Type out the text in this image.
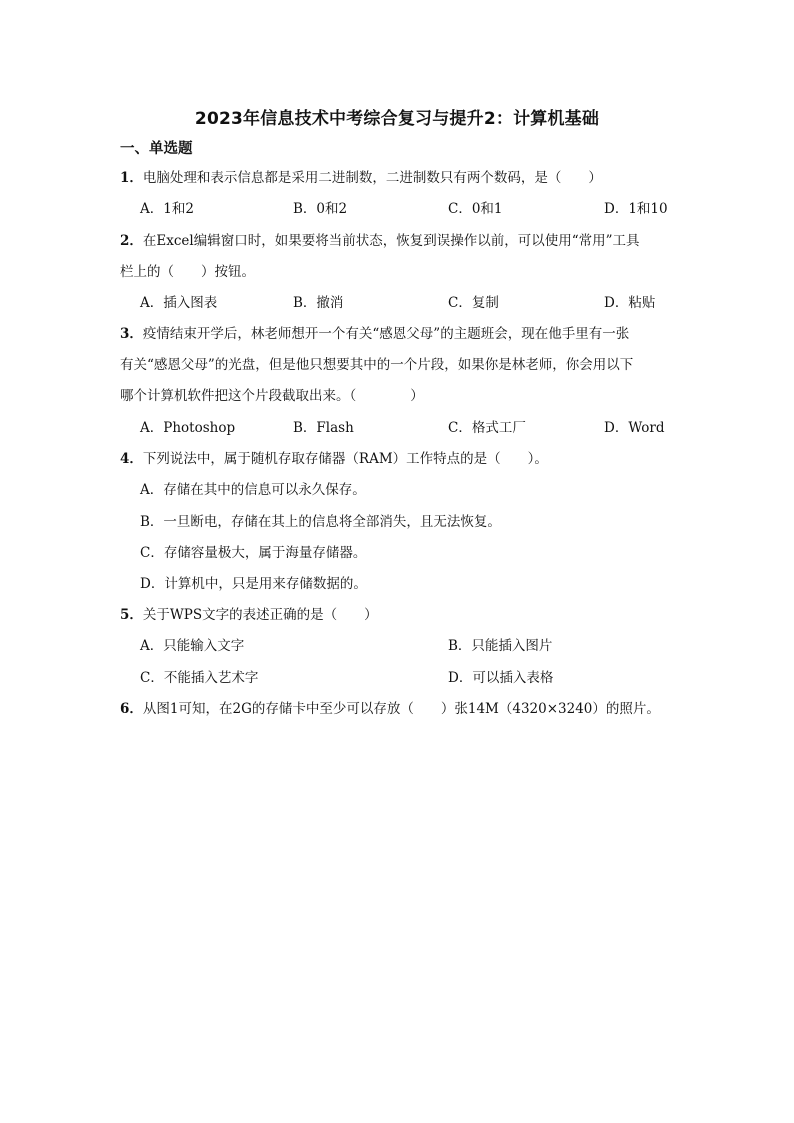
2023年信息技术中考综合复习与提升2：计算机基础
一、单选题
1．电脑处理和表示信息都是采用二进制数，二进制数只有两个数码，是（　　）
A．1和2	B．0和2	C．0和1	D．1和10
2．在Excel编辑窗口时，如果要将当前状态，恢复到误操作以前，可以使用“常用”工具
栏上的（　　）按钮。
A．插入图表	B．撤消	C．复制	D．粘贴
3．疫情结束开学后，林老师想开一个有关“感恩父母”的主题班会，现在他手里有一张
有关“感恩父母”的光盘，但是他只想要其中的一个片段，如果你是林老师，你会用以下
哪个计算机软件把这个片段截取出来。（　　　　）
A．Photoshop	B．Flash	C．格式工厂	D．Word
4．下列说法中，属于随机存取存储器（RAM）工作特点的是（　　）。
A．存储在其中的信息可以永久保存。
B．一旦断电，存储在其上的信息将全部消失，且无法恢复。
C．存储容量极大，属于海量存储器。
D．计算机中，只是用来存储数据的。
5．关于WPS文字的表述正确的是（　　）
A．只能输入文字	B．只能插入图片
C．不能插入艺术字	D．可以插入表格
6．从图1可知，在2G的存储卡中至少可以存放（　　）张14M（4320×3240）的照片。
